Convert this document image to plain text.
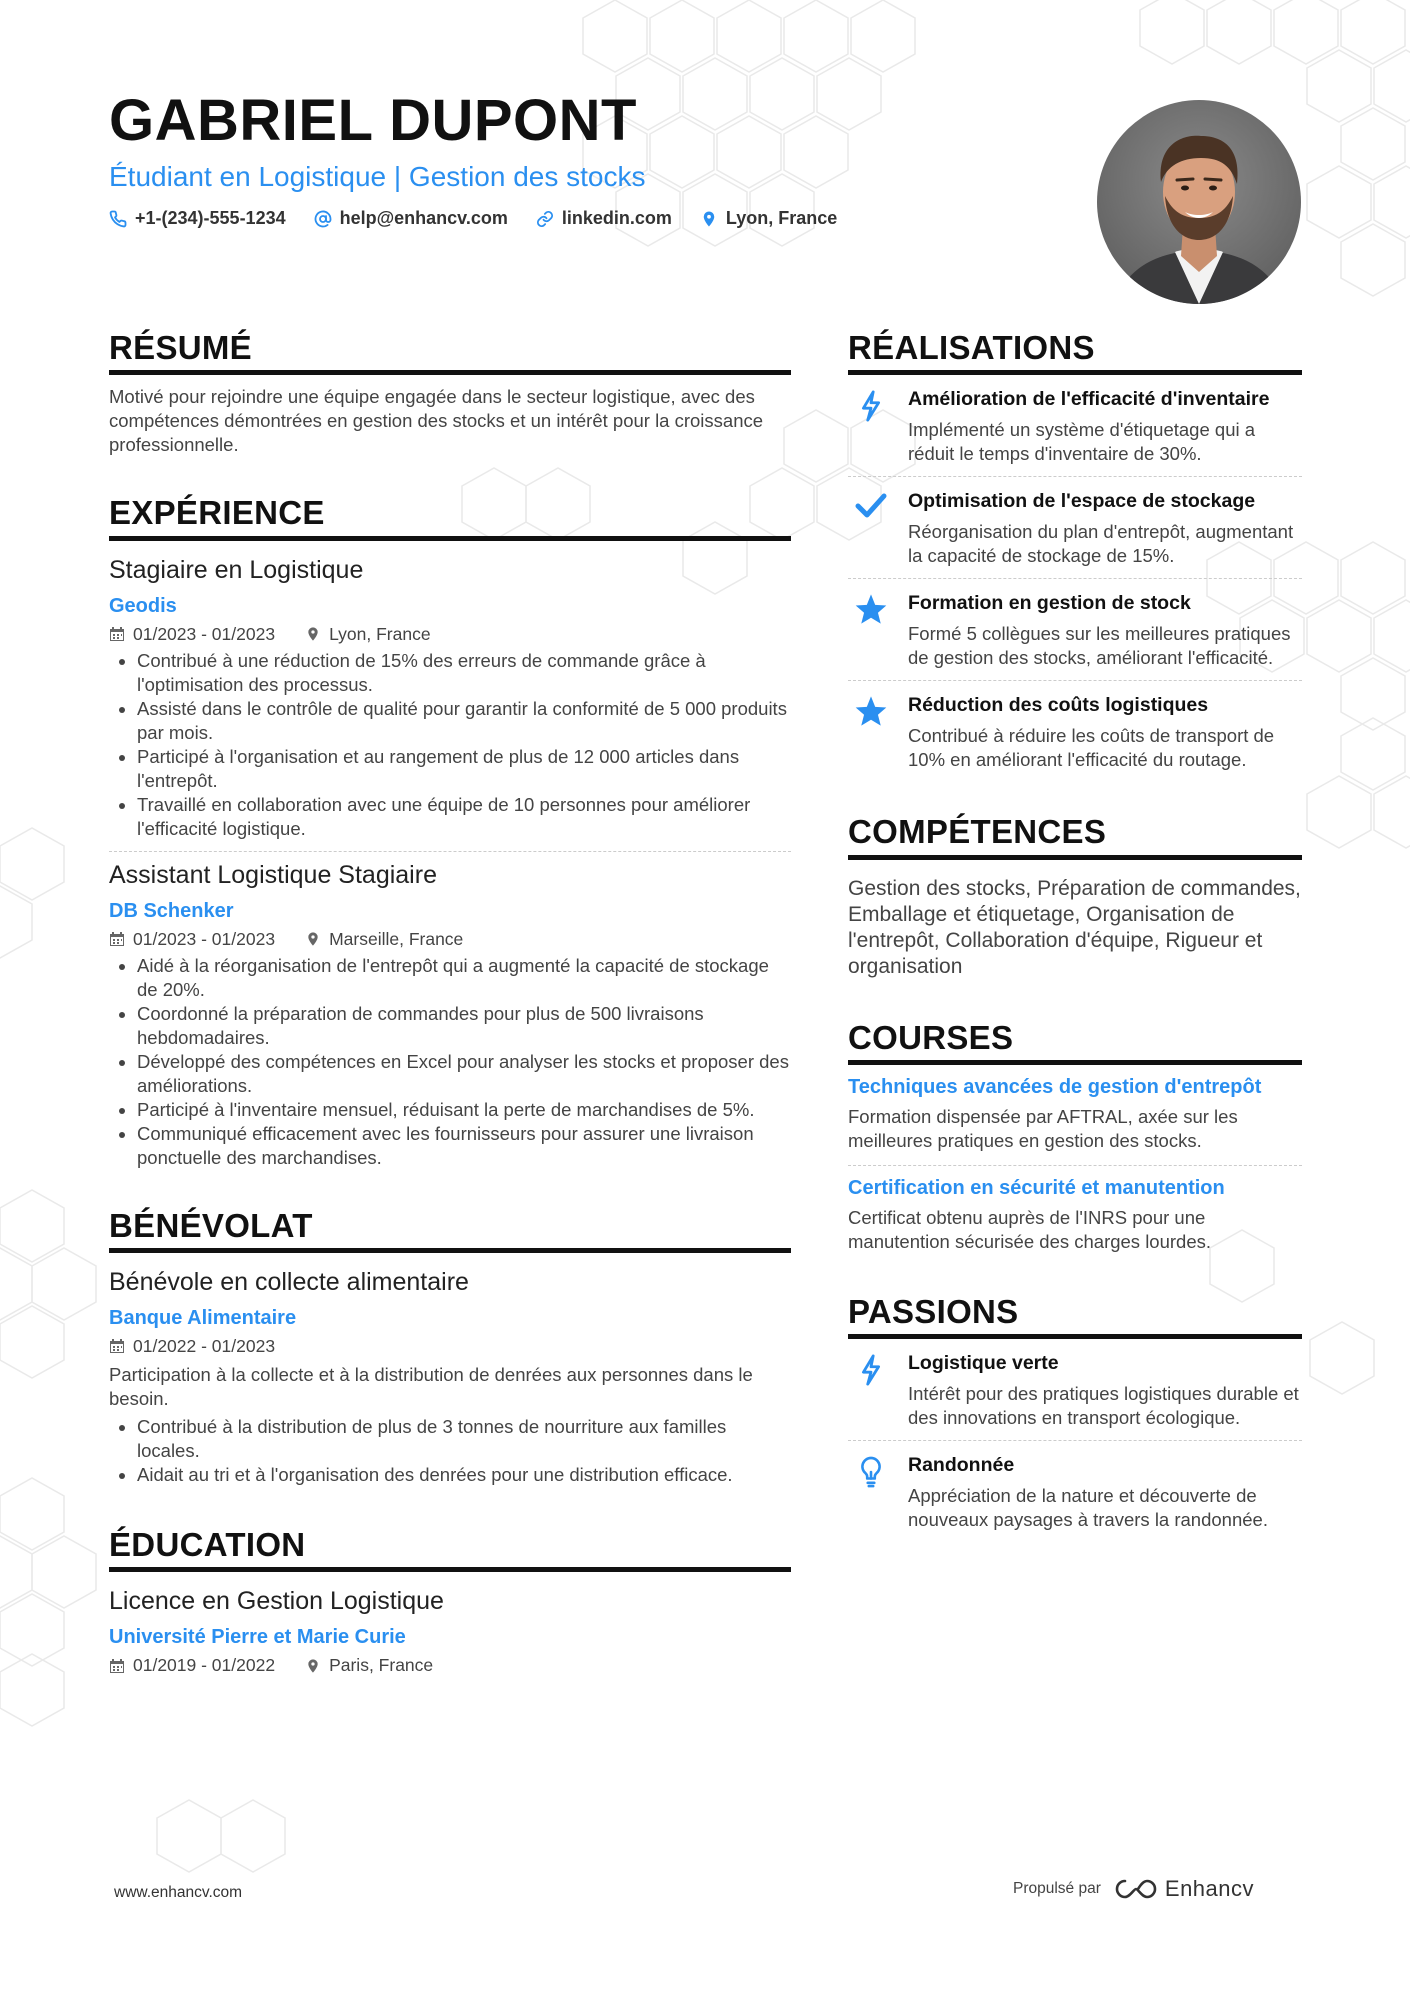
GABRIEL DUPONT
Étudiant en Logistique | Gestion des stocks
+1-(234)-555-1234	help@enhancv.com	linkedin.com	Lyon, France
RÉSUMÉ
Motivé pour rejoindre une équipe engagée dans le secteur logistique, avec des compétences démontrées en gestion des stocks et un intérêt pour la croissance professionnelle.
EXPÉRIENCE
Stagiaire en Logistique
Geodis
01/2023 - 01/2023	Lyon, France
• Contribué à une réduction de 15% des erreurs de commande grâce à l'optimisation des processus.
• Assisté dans le contrôle de qualité pour garantir la conformité de 5 000 produits par mois.
• Participé à l'organisation et au rangement de plus de 12 000 articles dans l'entrepôt.
• Travaillé en collaboration avec une équipe de 10 personnes pour améliorer l'efficacité logistique.
Assistant Logistique Stagiaire
DB Schenker
01/2023 - 01/2023	Marseille, France
• Aidé à la réorganisation de l'entrepôt qui a augmenté la capacité de stockage de 20%.
• Coordonné la préparation de commandes pour plus de 500 livraisons hebdomadaires.
• Développé des compétences en Excel pour analyser les stocks et proposer des améliorations.
• Participé à l'inventaire mensuel, réduisant la perte de marchandises de 5%.
• Communiqué efficacement avec les fournisseurs pour assurer une livraison ponctuelle des marchandises.
BÉNÉVOLAT
Bénévole en collecte alimentaire
Banque Alimentaire
01/2022 - 01/2023
Participation à la collecte et à la distribution de denrées aux personnes dans le besoin.
• Contribué à la distribution de plus de 3 tonnes de nourriture aux familles locales.
• Aidait au tri et à l'organisation des denrées pour une distribution efficace.
ÉDUCATION
Licence en Gestion Logistique
Université Pierre et Marie Curie
01/2019 - 01/2022	Paris, France
RÉALISATIONS
Amélioration de l'efficacité d'inventaire
Implémenté un système d'étiquetage qui a réduit le temps d'inventaire de 30%.
Optimisation de l'espace de stockage
Réorganisation du plan d'entrepôt, augmentant la capacité de stockage de 15%.
Formation en gestion de stock
Formé 5 collègues sur les meilleures pratiques de gestion des stocks, améliorant l'efficacité.
Réduction des coûts logistiques
Contribué à réduire les coûts de transport de 10% en améliorant l'efficacité du routage.
COMPÉTENCES
Gestion des stocks, Préparation de commandes, Emballage et étiquetage, Organisation de l'entrepôt, Collaboration d'équipe, Rigueur et organisation
COURSES
Techniques avancées de gestion d'entrepôt
Formation dispensée par AFTRAL, axée sur les meilleures pratiques en gestion des stocks.
Certification en sécurité et manutention
Certificat obtenu auprès de l'INRS pour une manutention sécurisée des charges lourdes.
PASSIONS
Logistique verte
Intérêt pour des pratiques logistiques durable et des innovations en transport écologique.
Randonnée
Appréciation de la nature et découverte de nouveaux paysages à travers la randonnée.
www.enhancv.com	Propulsé par	Enhancv
